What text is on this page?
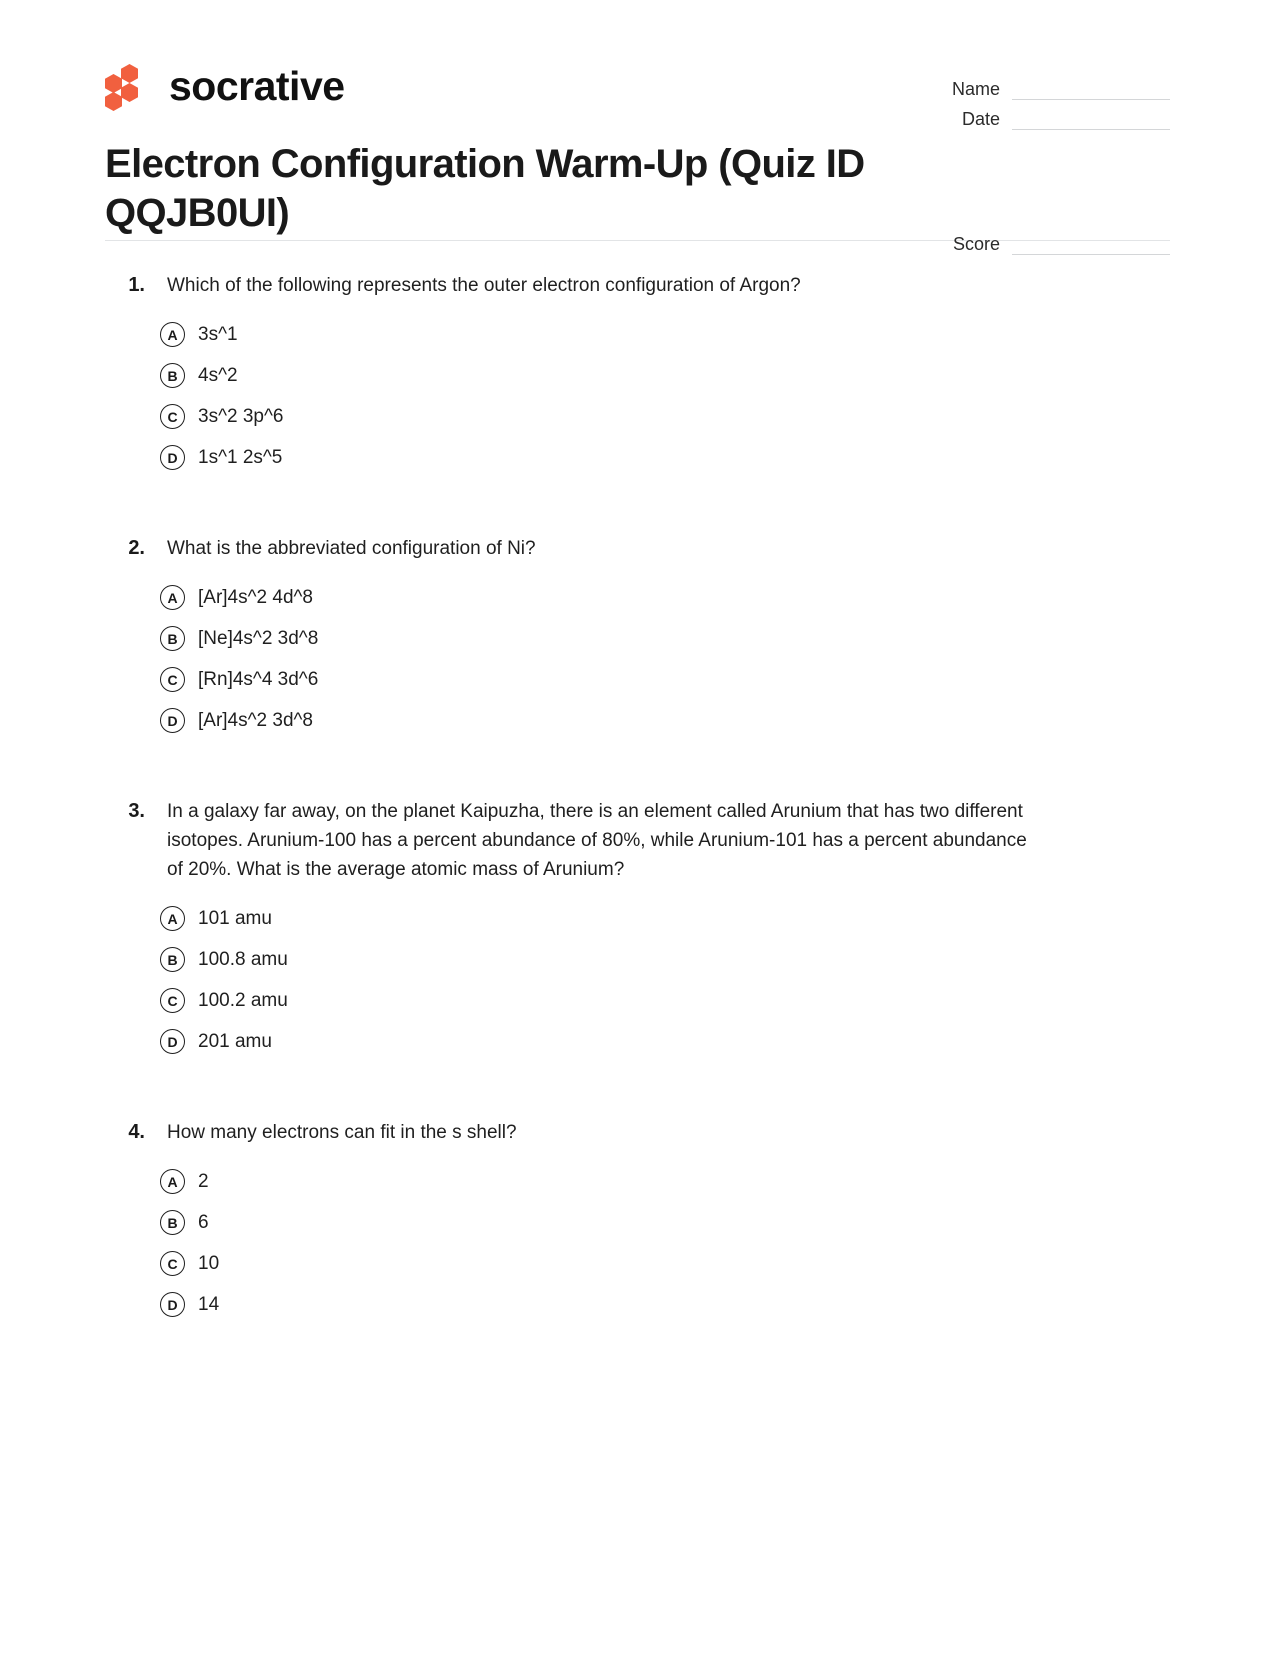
socrative
Electron Configuration Warm-Up (Quiz ID QQJB0UI)
Name
Date
Score
1.	Which of the following represents the outer electron configuration of Argon?
A	3s^1
B	4s^2
C	3s^2 3p^6
D	1s^1 2s^5
2.	What is the abbreviated configuration of Ni?
A	[Ar]4s^2 4d^8
B	[Ne]4s^2 3d^8
C	[Rn]4s^4 3d^6
D	[Ar]4s^2 3d^8
3.	In a galaxy far away, on the planet Kaipuzha, there is an element called Arunium that has two different isotopes. Arunium-100 has a percent abundance of 80%, while Arunium-101 has a percent abundance of 20%. What is the average atomic mass of Arunium?
A	101 amu
B	100.8 amu
C	100.2 amu
D	201 amu
4.	How many electrons can fit in the s shell?
A	2
B	6
C	10
D	14
